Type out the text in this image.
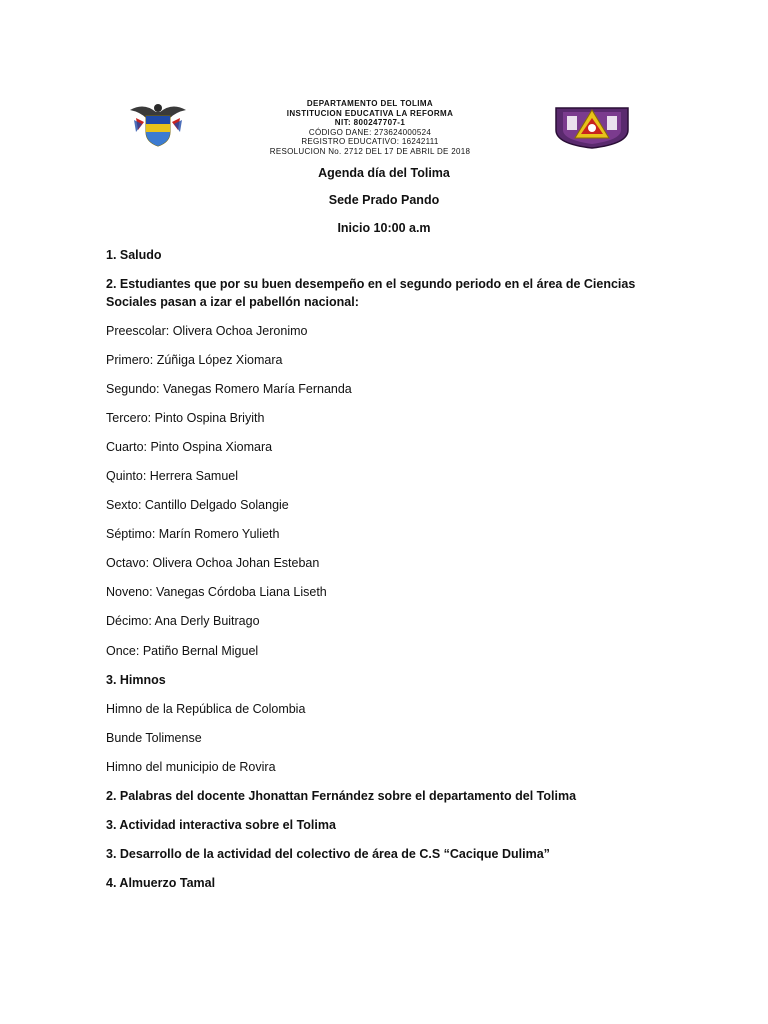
DEPARTAMENTO DEL TOLIMA
INSTITUCION EDUCATIVA LA REFORMA
NIT: 800247707-1
CÓDIGO DANE: 273624000524
REGISTRO EDUCATIVO: 16242111
RESOLUCION No. 2712 DEL 17 DE ABRIL DE 2018
Agenda día del Tolima
Sede Prado Pando
Inicio 10:00 a.m
1. Saludo
2. Estudiantes que por su buen desempeño en el segundo periodo en el área de Ciencias Sociales pasan a izar el pabellón nacional:
Preescolar: Olivera Ochoa Jeronimo
Primero: Zúñiga López Xiomara
Segundo: Vanegas Romero María Fernanda
Tercero: Pinto Ospina Briyith
Cuarto: Pinto Ospina Xiomara
Quinto: Herrera Samuel
Sexto: Cantillo Delgado Solangie
Séptimo: Marín Romero Yulieth
Octavo: Olivera Ochoa Johan Esteban
Noveno: Vanegas Córdoba Liana Liseth
Décimo: Ana Derly Buitrago
Once: Patiño Bernal Miguel
3. Himnos
Himno de la República de Colombia
Bunde Tolimense
Himno del municipio de Rovira
2. Palabras del docente Jhonattan Fernández sobre el departamento del Tolima
3. Actividad interactiva sobre el Tolima
3. Desarrollo de la actividad del colectivo de área de C.S “Cacique Dulima”
4. Almuerzo Tamal
